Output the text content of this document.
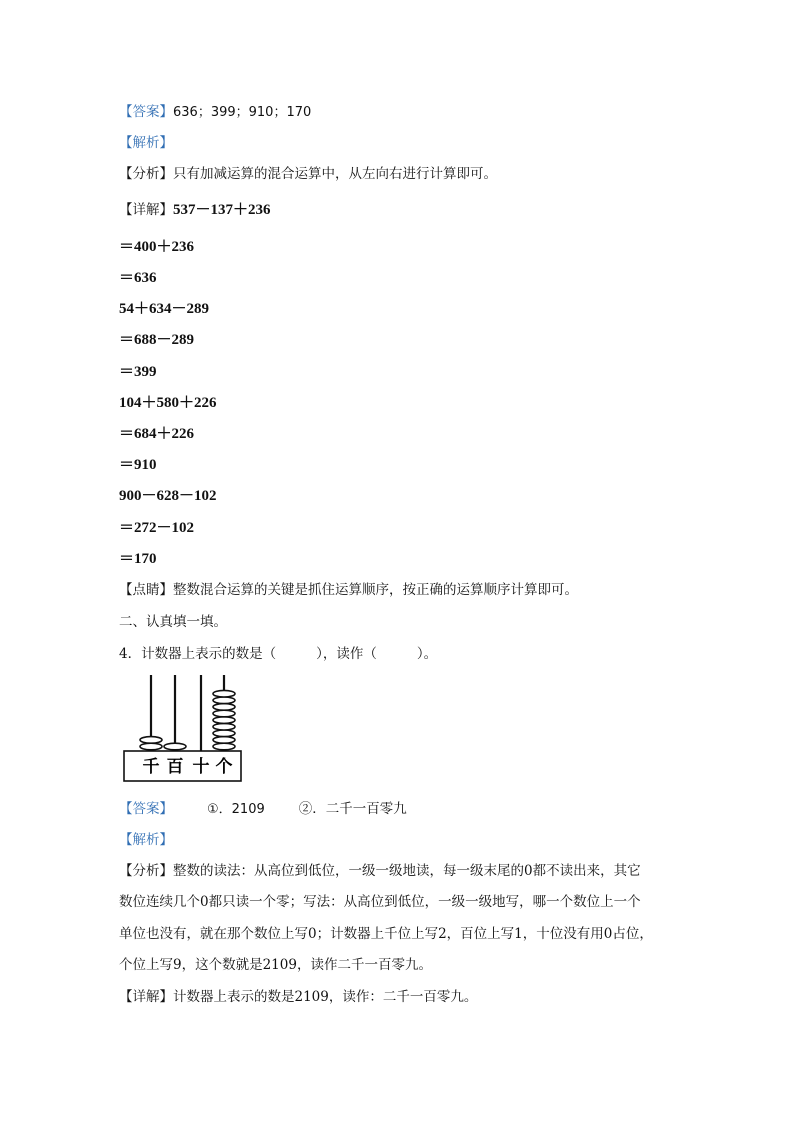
【答案】636；399；910；170
【解析】
【分析】只有加减运算的混合运算中，从左向右进行计算即可。
【详解】537－137＋236
＝400＋236
＝636
54＋634－289
＝688－289
＝399
104＋580＋226
＝684＋226
＝910
900－628－102
＝272－102
＝170
【点睛】整数混合运算的关键是抓住运算顺序，按正确的运算顺序计算即可。
二、认真填一填。
4．计数器上表示的数是（	），读作（	）。
千 百 十 个
【答案】	①．2109	②．二千一百零九
【解析】
【分析】整数的读法：从高位到低位，一级一级地读，每一级末尾的0都不读出来，其它
数位连续几个0都只读一个零；写法：从高位到低位，一级一级地写，哪一个数位上一个
单位也没有，就在那个数位上写0；计数器上千位上写2，百位上写1，十位没有用0占位，
个位上写9，这个数就是2109，读作二千一百零九。
【详解】计数器上表示的数是2109，读作：二千一百零九。
